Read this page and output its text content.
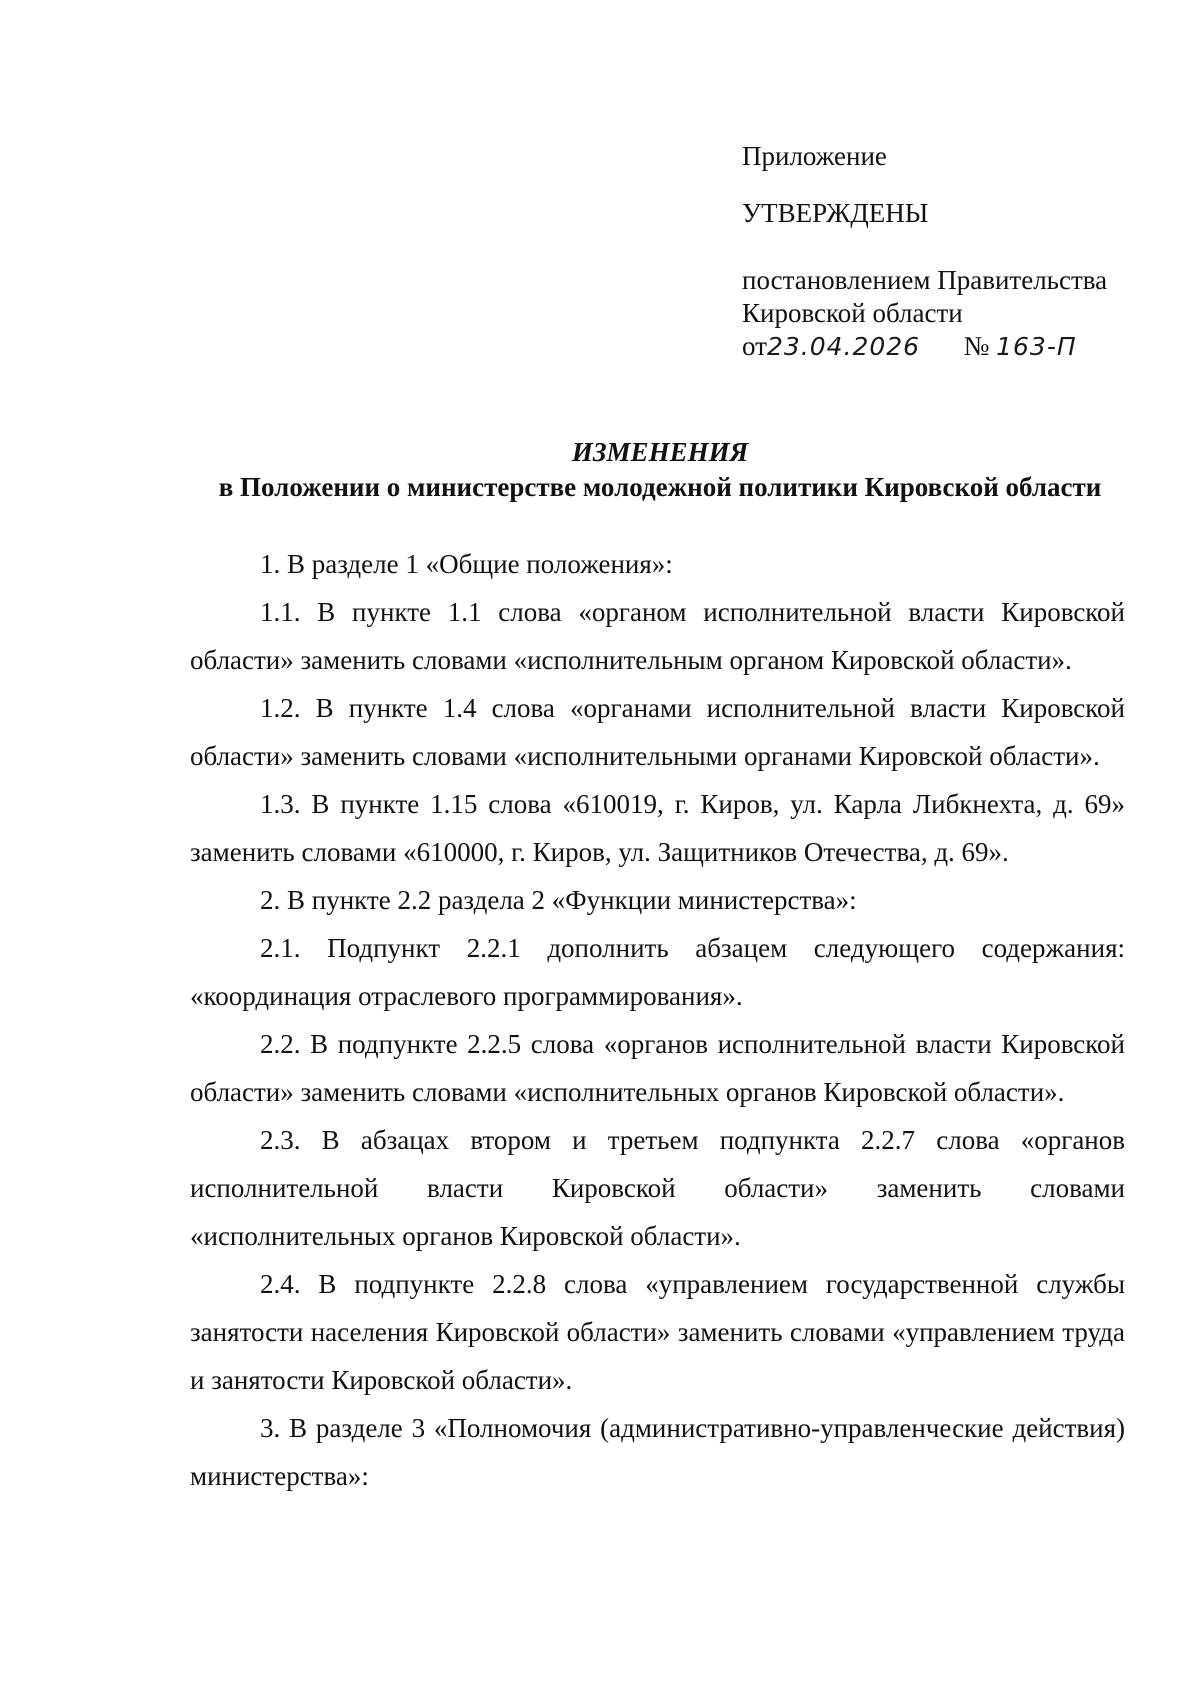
Приложение

УТВЕРЖДЕНЫ

постановлением Правительства

Кировской области

от23.04.2026 № 163-П

ИЗМЕНЕНИЯ

в Положении о министерстве молодежной политики Кировской области

1. В разделе 1 «Общие положения»:

1.1. В пункте 1.1 слова «органом исполнительной власти Кировской области» заменить словами «исполнительным органом Кировской области».

1.2. В пункте 1.4 слова «органами исполнительной власти Кировской области» заменить словами «исполнительными органами Кировской области».

1.3. В пункте 1.15 слова «610019, г. Киров, ул. Карла Либкнехта, д. 69» заменить словами «610000, г. Киров, ул. Защитников Отечества, д. 69».

2. В пункте 2.2 раздела 2 «Функции министерства»:

2.1. Подпункт 2.2.1 дополнить абзацем следующего содержания: «координация отраслевого программирования».

2.2. В подпункте 2.2.5 слова «органов исполнительной власти Кировской области» заменить словами «исполнительных органов Кировской области».

2.3. В абзацах втором и третьем подпункта 2.2.7 слова «органов исполнительной власти Кировской области» заменить словами «исполнительных органов Кировской области».

2.4. В подпункте 2.2.8 слова «управлением государственной службы занятости населения Кировской области» заменить словами «управлением труда и занятости Кировской области».

3. В разделе 3 «Полномочия (административно-управленческие действия) министерства»:
